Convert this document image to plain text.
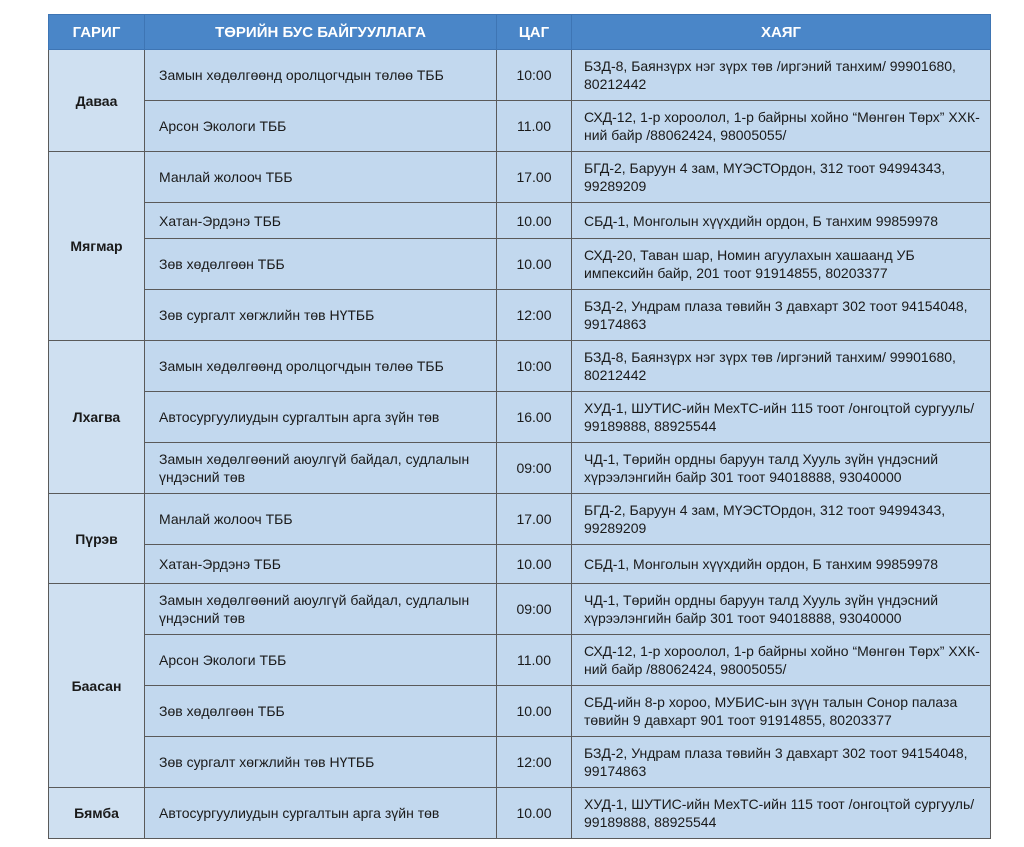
ГАРИГ	ТӨРИЙН БУС БАЙГУУЛЛАГА	ЦАГ	ХАЯГ
Даваа	Замын хөдөлгөөнд оролцогчдын төлөө ТББ	10:00	БЗД-8, Баянзүрх нэг зүрх төв /иргэний танхим/ 99901680, 80212442
	Арсон Экологи ТББ	11.00	СХД-12, 1-р хороолол, 1-р байрны хойно “Мөнгөн Төрх” ХХК-ний байр /88062424, 98005055/
Мягмар	Манлай жолооч ТББ	17.00	БГД-2, Баруун 4 зам, МҮЭСТОрдон, 312 тоот 94994343, 99289209
	Хатан-Эрдэнэ ТББ	10.00	СБД-1, Монголын хүүхдийн ордон, Б танхим 99859978
	Зөв хөдөлгөөн ТББ	10.00	СХД-20, Таван шар, Номин агуулахын хашаанд УБ импексийн байр, 201 тоот 91914855, 80203377
	Зөв сургалт хөгжлийн төв НҮТББ	12:00	БЗД-2, Ундрам плаза төвийн 3 давхарт 302 тоот 94154048, 99174863
Лхагва	Замын хөдөлгөөнд оролцогчдын төлөө ТББ	10:00	БЗД-8, Баянзүрх нэг зүрх төв /иргэний танхим/ 99901680, 80212442
	Автосургуулиудын сургалтын арга зүйн төв	16.00	ХУД-1, ШУТИС-ийн МехТС-ийн 115 тоот /онгоцтой сургууль/ 99189888, 88925544
	Замын хөдөлгөөний аюулгүй байдал, судлалын үндэсний төв	09:00	ЧД-1, Төрийн ордны баруун талд Хууль зүйн үндэсний хүрээлэнгийн байр 301 тоот 94018888, 93040000
Пүрэв	Манлай жолооч ТББ	17.00	БГД-2, Баруун 4 зам, МҮЭСТОрдон, 312 тоот 94994343, 99289209
	Хатан-Эрдэнэ ТББ	10.00	СБД-1, Монголын хүүхдийн ордон, Б танхим 99859978
Баасан	Замын хөдөлгөөний аюулгүй байдал, судлалын үндэсний төв	09:00	ЧД-1, Төрийн ордны баруун талд Хууль зүйн үндэсний хүрээлэнгийн байр 301 тоот 94018888, 93040000
	Арсон Экологи ТББ	11.00	СХД-12, 1-р хороолол, 1-р байрны хойно “Мөнгөн Төрх” ХХК-ний байр /88062424, 98005055/
	Зөв хөдөлгөөн ТББ	10.00	СБД-ийн 8-р хороо, МУБИС-ын зүүн талын Сонор палаза төвийн 9 давхарт 901 тоот 91914855, 80203377
	Зөв сургалт хөгжлийн төв НҮТББ	12:00	БЗД-2, Ундрам плаза төвийн 3 давхарт 302 тоот 94154048, 99174863
Бямба	Автосургуулиудын сургалтын арга зүйн төв	10.00	ХУД-1, ШУТИС-ийн МехТС-ийн 115 тоот /онгоцтой сургууль/ 99189888, 88925544
